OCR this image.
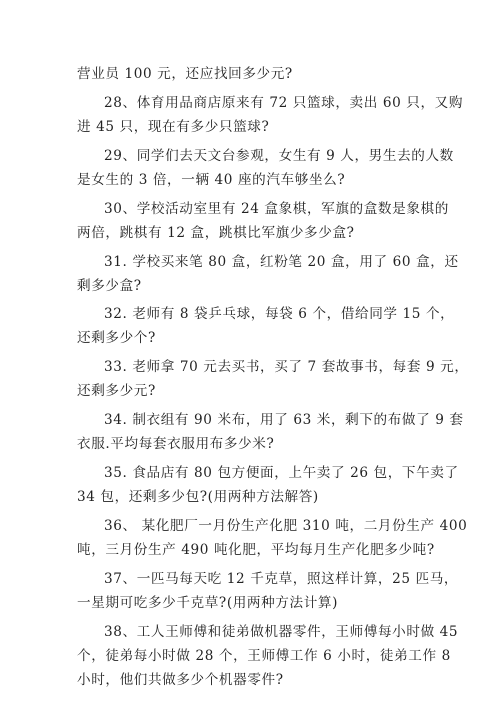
营业员 100 元，还应找回多少元?
28、体育用品商店原来有 72 只篮球，卖出 60 只，又购
进 45 只，现在有多少只篮球?
29、同学们去天文台参观，女生有 9 人，男生去的人数
是女生的 3 倍，一辆 40 座的汽车够坐么?
30、学校活动室里有 24 盒象棋，军旗的盒数是象棋的
两倍，跳棋有 12 盒，跳棋比军旗少多少盒?
31. 学校买来笔 80 盒，红粉笔 20 盒，用了 60 盒，还
剩多少盒?
32. 老师有 8 袋乒乓球，每袋 6 个，借给同学 15 个，
还剩多少个?
33. 老师拿 70 元去买书，买了 7 套故事书，每套 9 元，
还剩多少元?
34. 制衣组有 90 米布，用了 63 米，剩下的布做了 9 套
衣服.平均每套衣服用布多少米?
35. 食品店有 80 包方便面，上午卖了 26 包，下午卖了
34 包，还剩多少包?(用两种方法解答)
36、 某化肥厂一月份生产化肥 310 吨，二月份生产 400
吨，三月份生产 490 吨化肥，平均每月生产化肥多少吨?
37、一匹马每天吃 12 千克草，照这样计算，25 匹马，
一星期可吃多少千克草?(用两种方法计算)
38、工人王师傅和徒弟做机器零件，王师傅每小时做 45
个，徒弟每小时做 28 个，王师傅工作 6 小时，徒弟工作 8
小时，他们共做多少个机器零件?
